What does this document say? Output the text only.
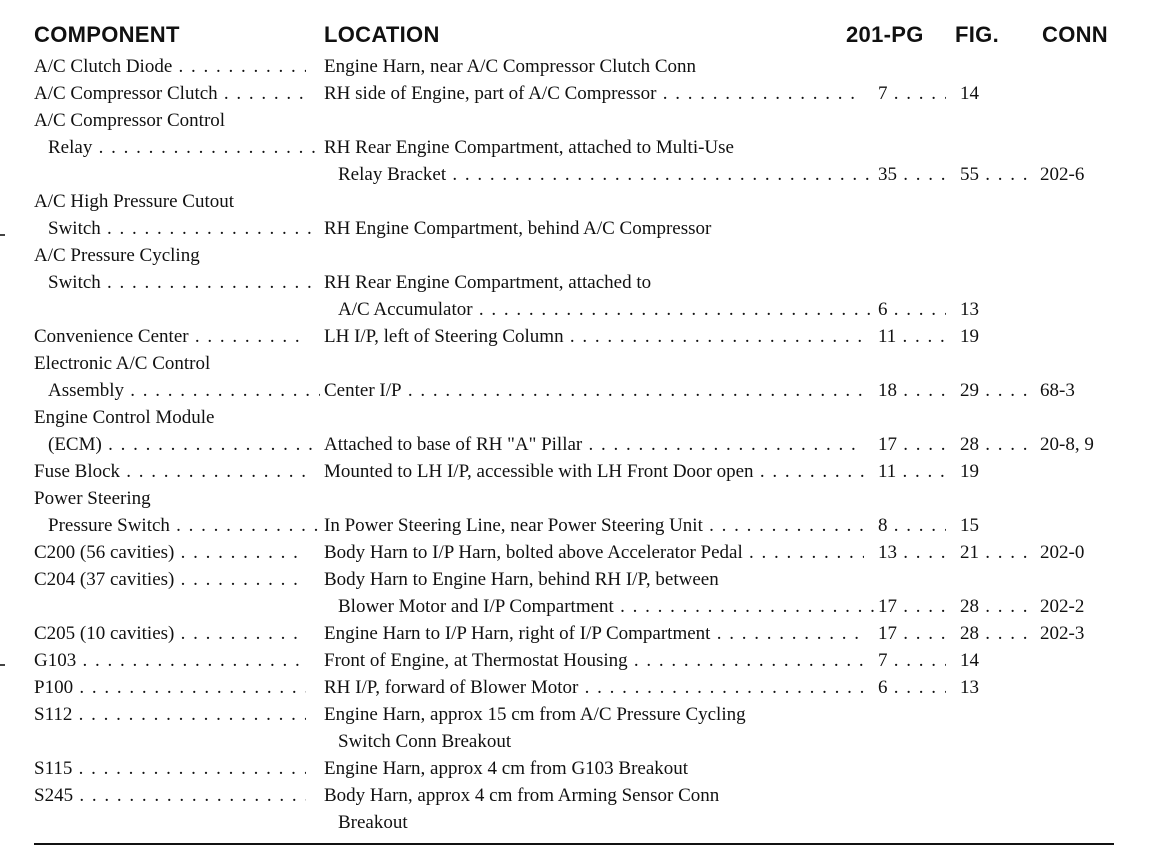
COMPONENT	LOCATION	201-PG FIG. CONN
A/C Clutch Diode . . .	Engine Harn, near A/C Compressor Clutch Conn
A/C Compressor Clutch . . .	RH side of Engine, part of A/C Compressor . . .	7 . . .	14
A/C Compressor Control
Relay . . .	RH Rear Engine Compartment, attached to Multi-Use
Relay Bracket . . .	35 . . .	55 . . .	202-6
A/C High Pressure Cutout
Switch . . .	RH Engine Compartment, behind A/C Compressor
A/C Pressure Cycling
Switch . . .	RH Rear Engine Compartment, attached to
A/C Accumulator . . .	6 . . .	13
Convenience Center . . .	LH I/P, left of Steering Column . . .	11 . . .	19
Electronic A/C Control
Assembly . . .	Center I/P . . .	18 . . .	29 . . .	68-3
Engine Control Module
(ECM) . . .	Attached to base of RH "A" Pillar . . .	17 . . .	28 . . .	20-8, 9
Fuse Block . . .	Mounted to LH I/P, accessible with LH Front Door open . . .	11 . . .	19
Power Steering
Pressure Switch . . .	In Power Steering Line, near Power Steering Unit . . .	8 . . .	15
C200 (56 cavities) . . .	Body Harn to I/P Harn, bolted above Accelerator Pedal . . .	13 . . .	21 . . .	202-0
C204 (37 cavities) . . .	Body Harn to Engine Harn, behind RH I/P, between
Blower Motor and I/P Compartment . . .	17 . . .	28 . . .	202-2
C205 (10 cavities) . . .	Engine Harn to I/P Harn, right of I/P Compartment . . .	17 . . .	28 . . .	202-3
G103 . . .	Front of Engine, at Thermostat Housing . . .	7 . . .	14
P100 . . .	RH I/P, forward of Blower Motor . . .	6 . . .	13
S112 . . .	Engine Harn, approx 15 cm from A/C Pressure Cycling
Switch Conn Breakout
S115 . . .	Engine Harn, approx 4 cm from G103 Breakout
S245 . . .	Body Harn, approx 4 cm from Arming Sensor Conn
Breakout
